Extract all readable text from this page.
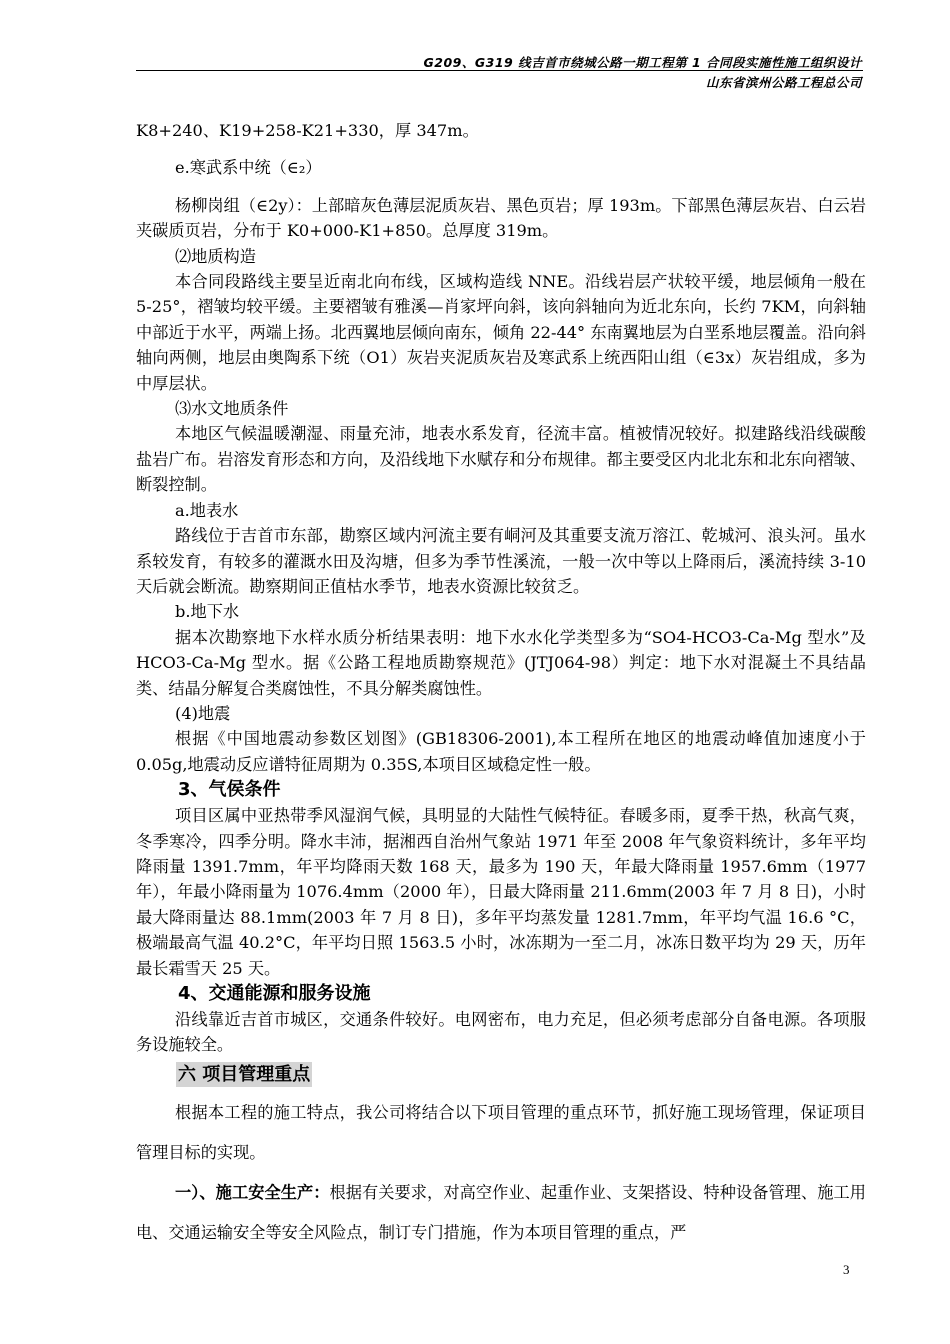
G209、G319 线吉首市绕城公路一期工程第 1 合同段实施性施工组织设计
山东省滨州公路工程总公司

K8+240、K19+258-K21+330，厚 347m。

e.寒武系中统（∈₂）

杨柳岗组（∈2y）：上部暗灰色薄层泥质灰岩、黑色页岩；厚 193m。下部黑色薄层灰岩、白云岩夹碳质页岩，分布于 K0+000-K1+850。总厚度 319m。

⑵地质构造

本合同段路线主要呈近南北向布线，区域构造线 NNE。沿线岩层产状较平缓，地层倾角一般在 5-25°，褶皱均较平缓。主要褶皱有雅溪—肖家坪向斜，该向斜轴向为近北东向，长约 7KM，向斜轴中部近于水平，两端上扬。北西翼地层倾向南东，倾角 22-44° 东南翼地层为白垩系地层覆盖。沿向斜轴向两侧，地层由奥陶系下统（O1）灰岩夹泥质灰岩及寒武系上统西阳山组（∈3x）灰岩组成，多为中厚层状。

⑶水文地质条件

本地区气候温暖潮湿、雨量充沛，地表水系发育，径流丰富。植被情况较好。拟建路线沿线碳酸盐岩广布。岩溶发育形态和方向，及沿线地下水赋存和分布规律。都主要受区内北北东和北东向褶皱、断裂控制。

a.地表水

路线位于吉首市东部，勘察区域内河流主要有峒河及其重要支流万溶江、乾城河、浪头河。虽水系较发育，有较多的灌溉水田及沟塘，但多为季节性溪流，一般一次中等以上降雨后，溪流持续 3-10 天后就会断流。勘察期间正值枯水季节，地表水资源比较贫乏。

b.地下水

据本次勘察地下水样水质分析结果表明：地下水水化学类型多为“SO4-HCO3-Ca-Mg 型水”及 HCO3-Ca-Mg 型水。据《公路工程地质勘察规范》(JTJ064-98）判定：地下水对混凝土不具结晶类、结晶分解复合类腐蚀性，不具分解类腐蚀性。

(4)地震

根据《中国地震动参数区划图》(GB18306-2001),本工程所在地区的地震动峰值加速度小于 0.05g,地震动反应谱特征周期为 0.35S,本项目区域稳定性一般。

3、气侯条件

项目区属中亚热带季风湿润气候，具明显的大陆性气候特征。春暖多雨，夏季干热，秋高气爽，冬季寒冷，四季分明。降水丰沛，据湘西自治州气象站 1971 年至 2008 年气象资料统计，多年平均降雨量 1391.7mm，年平均降雨天数 168 天，最多为 190 天，年最大降雨量 1957.6mm（1977 年），年最小降雨量为 1076.4mm（2000 年），日最大降雨量 211.6mm(2003 年 7 月 8 日)，小时最大降雨量达 88.1mm(2003 年 7 月 8 日)，多年平均蒸发量 1281.7mm，年平均气温 16.6 °C，极端最高气温 40.2°C，年平均日照 1563.5 小时，冰冻期为一至二月，冰冻日数平均为 29 天，历年最长霜雪天 25 天。

4、交通能源和服务设施

沿线靠近吉首市城区，交通条件较好。电网密布，电力充足，但必须考虑部分自备电源。各项服务设施较全。

六 项目管理重点

根据本工程的施工特点，我公司将结合以下项目管理的重点环节，抓好施工现场管理，保证项目管理目标的实现。

一）、施工安全生产：根据有关要求，对高空作业、起重作业、支架搭设、特种设备管理、施工用电、交通运输安全等安全风险点，制订专门措施，作为本项目管理的重点，严

3
